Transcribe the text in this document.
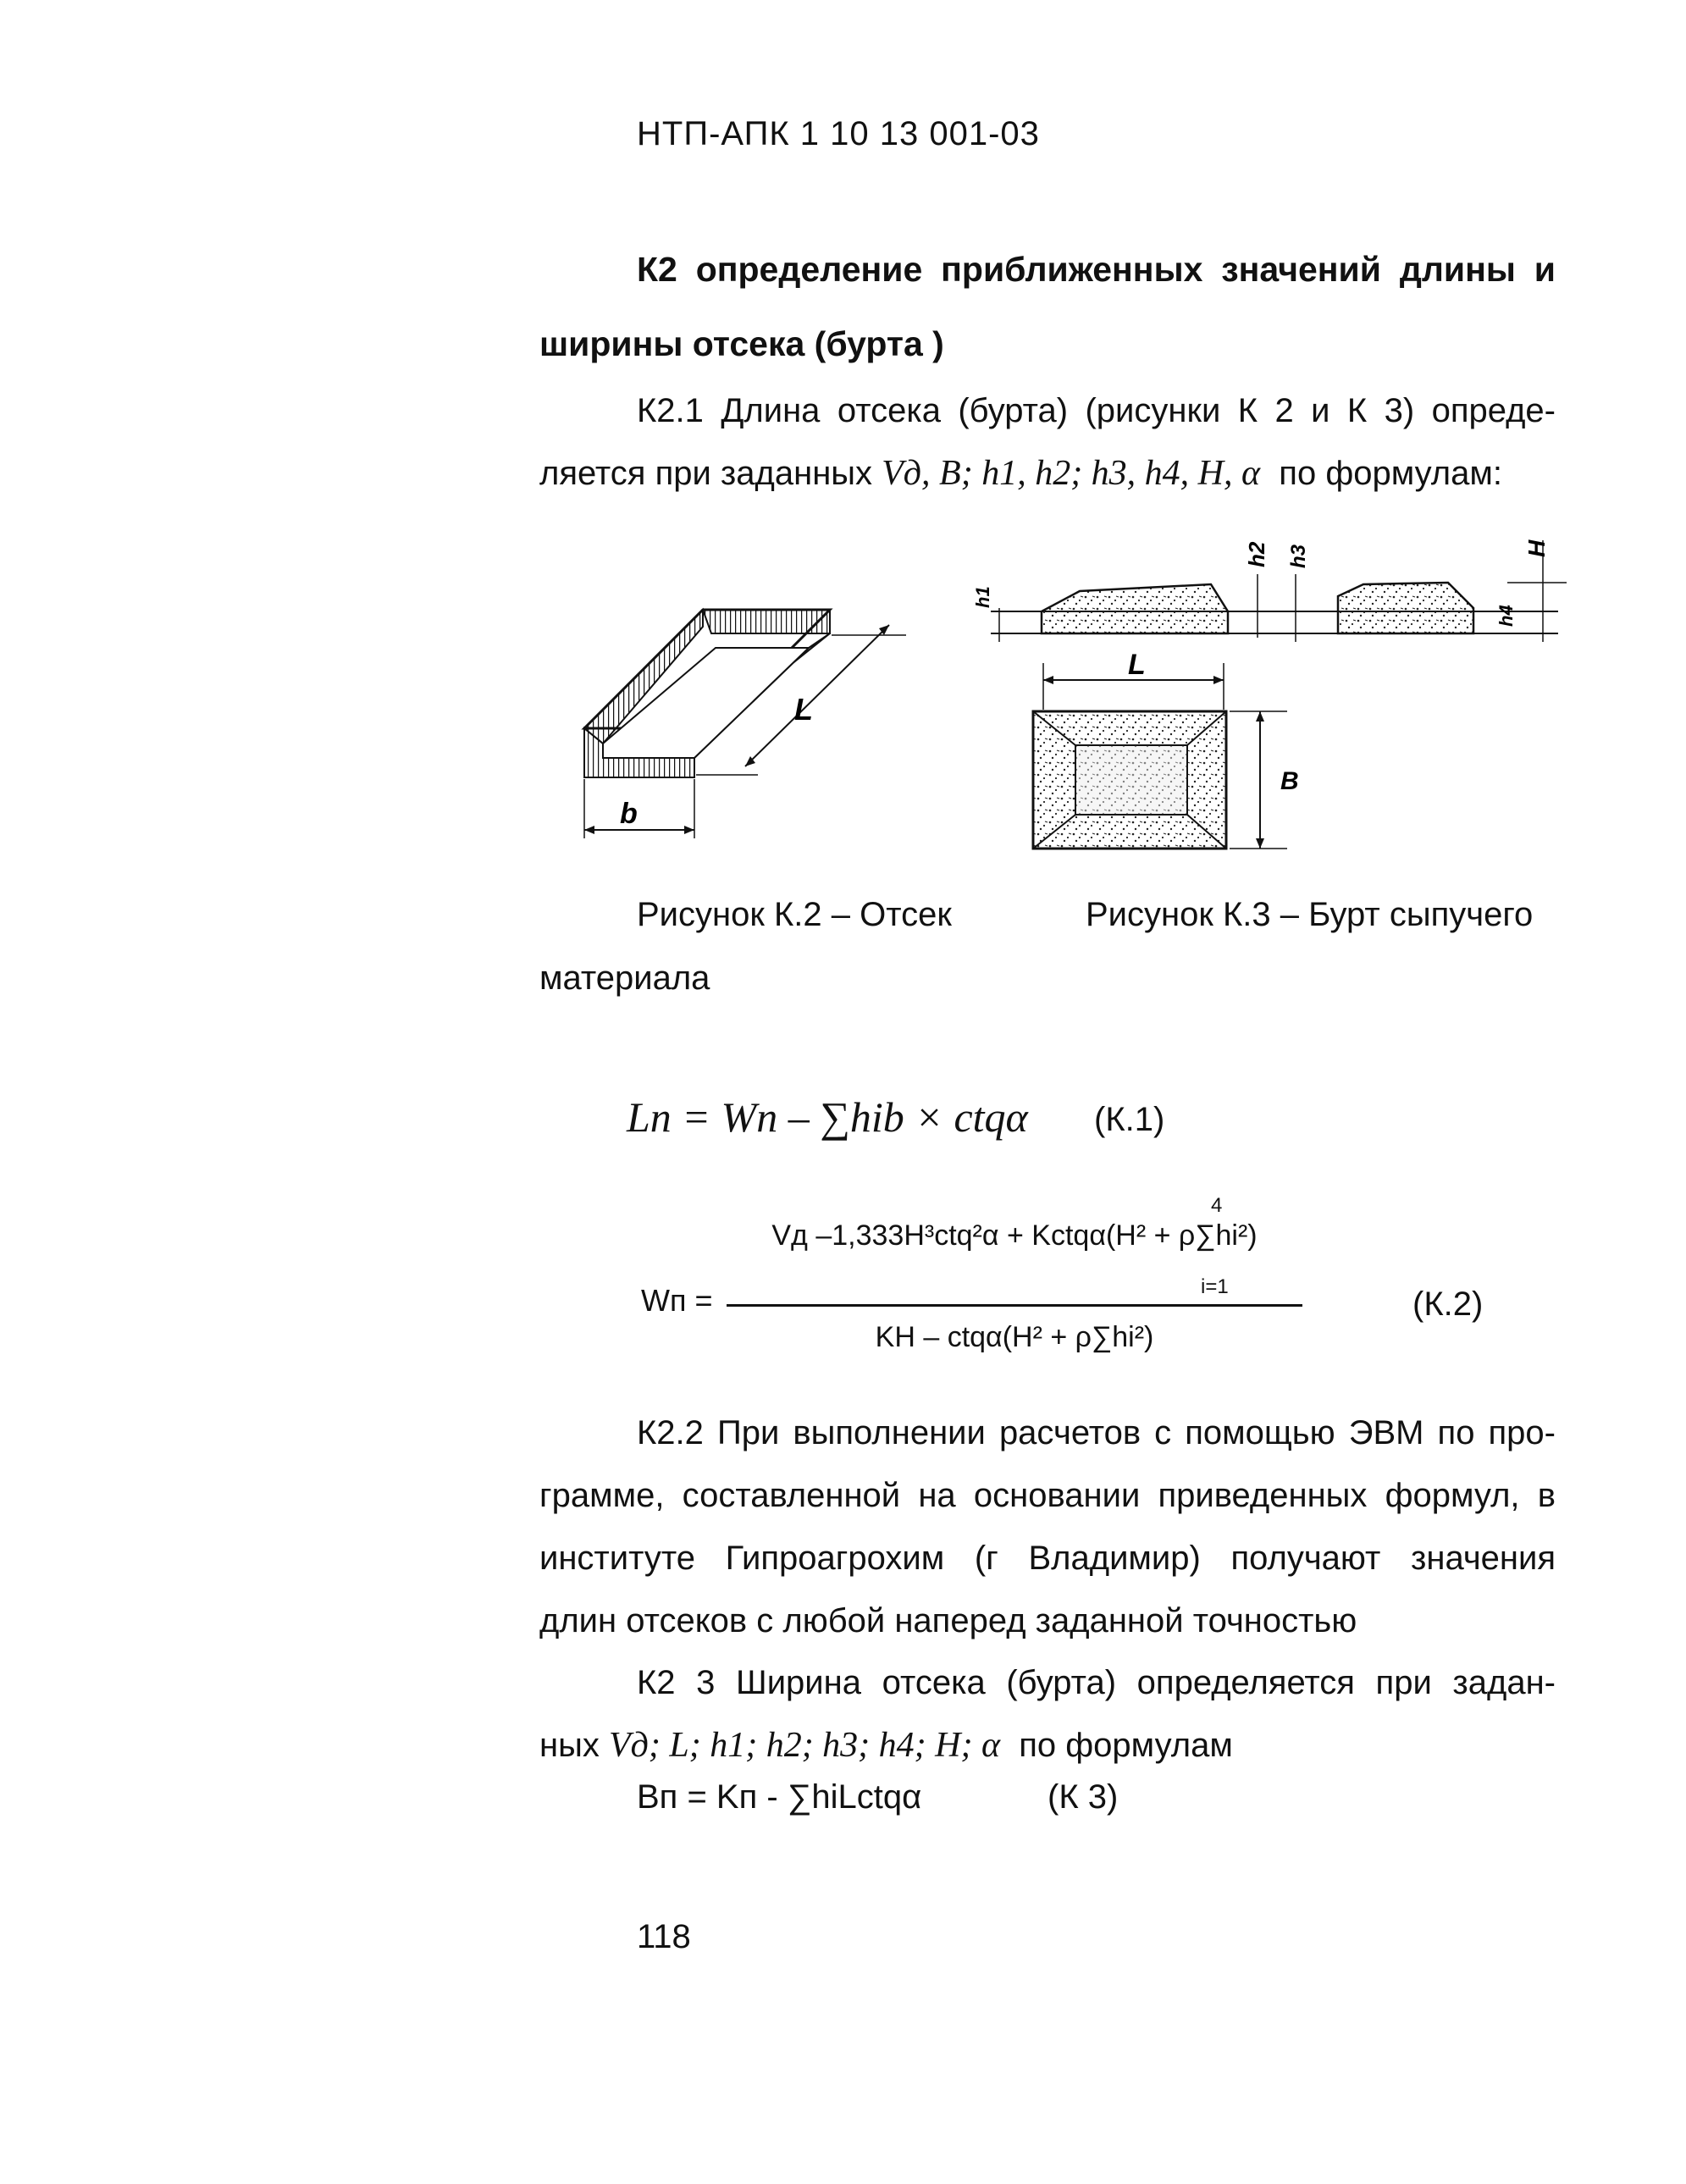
НТП-АПК 1 10 13 001-03
К2 определение приближенных значений длины и
ширины отсека (бурта )
К2.1 Длина отсека (бурта) (рисунки К 2 и К 3) опреде-
ляется при заданных Vд, B; h1, h2; h3, h4, H, α по формулам:
L
b
h1
h2 h3	H
h4
L
B
Рисунок К.2 – Отсек	Рисунок К.3 – Бурт сыпучего
материала
Lп = Wп – ∑hib × ctqα (К.1)
Wп =
Vд –1,333H³ctq²α + Kctqα(H² + ρ∑hi²)
4
i=1
KH – ctqα(H² + ρ∑hi²)
(К.2)
К2.2 При выполнении расчетов с помощью ЭВМ по про-
грамме, составленной на основании приведенных формул, в
институте Гипроагрохим (г Владимир) получают значения
длин отсеков с любой наперед заданной точностью
К2 3 Ширина отсека (бурта) определяется при задан-
ных Vд; L; h1; h2; h3; h4; H; α по формулам
Bп = Kп - ∑hiLctqα	(К 3)
118
